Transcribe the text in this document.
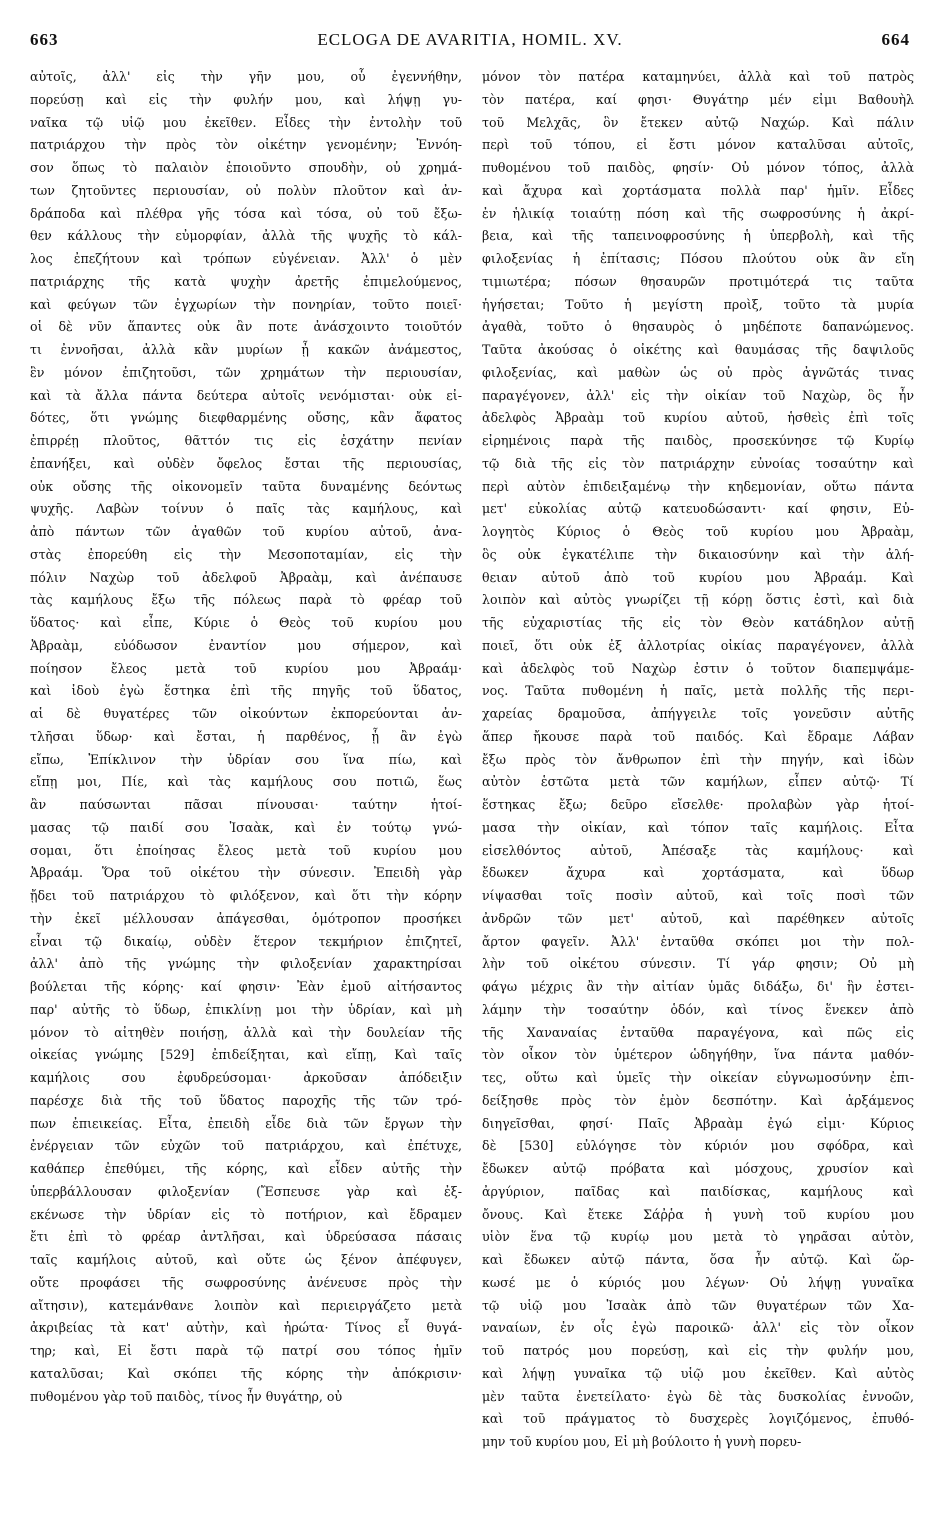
ECLOGA DE AVARITIA, HOMIL. XV.
663	664
αὐτοῖς, ἀλλ' εἰς τὴν γῆν μου, οὗ ἐγεννήθην,
πορεύσῃ καὶ εἰς τὴν φυλήν μου, καὶ λήψῃ γυ-
ναῖκα τῷ υἱῷ μου ἐκεῖθεν. Εἶδες τὴν ἐντολὴν τοῦ
πατριάρχου τὴν πρὸς τὸν οἰκέτην γενομένην; Ἐννόη-
σον ὅπως τὸ παλαιὸν ἐποιοῦντο σπουδὴν, οὐ χρημά-
των ζητοῦντες περιουσίαν, οὐ πολὺν πλοῦτον καὶ ἀν-
δράποδα καὶ πλέθρα γῆς τόσα καὶ τόσα, οὐ τοῦ ἔξω-
θεν κάλλους τὴν εὐμορφίαν, ἀλλὰ τῆς ψυχῆς τὸ κάλ-
λος ἐπεζήτουν καὶ τρόπων εὐγένειαν. Ἀλλ' ὁ μὲν
πατριάρχης τῆς κατὰ ψυχὴν ἀρετῆς ἐπιμελούμενος,
καὶ φεύγων τῶν ἐγχωρίων τὴν πονηρίαν, τοῦτο ποιεῖ·
οἱ δὲ νῦν ἅπαντες οὐκ ἂν ποτε ἀνάσχοιντο τοιοῦτόν
τι ἐννοῆσαι, ἀλλὰ κἂν μυρίων ᾖ κακῶν ἀνάμεστος,
ἓν μόνον ἐπιζητοῦσι, τῶν χρημάτων τὴν περιουσίαν,
καὶ τὰ ἄλλα πάντα δεύτερα αὐτοῖς νενόμισται· οὐκ εἰ-
δότες, ὅτι γνώμης διεφθαρμένης οὔσης, κἂν ἄφατος
ἐπιρρέῃ πλοῦτος, θᾶττόν τις εἰς ἐσχάτην πενίαν
ἐπανήξει, καὶ οὐδὲν ὄφελος ἔσται τῆς περιουσίας,
οὐκ οὔσης τῆς οἰκονομεῖν ταῦτα δυναμένης δεόντως
ψυχῆς. Λαβὼν τοίνυν ὁ παῖς τὰς καμήλους, καὶ
ἀπὸ πάντων τῶν ἀγαθῶν τοῦ κυρίου αὐτοῦ, ἀνα-
στὰς ἐπορεύθη εἰς τὴν Μεσοποταμίαν, εἰς τὴν
πόλιν Ναχὼρ τοῦ ἀδελφοῦ Ἀβραὰμ, καὶ ἀνέπαυσε
τὰς καμήλους ἔξω τῆς πόλεως παρὰ τὸ φρέαρ τοῦ
ὕδατος· καὶ εἶπε, Κύριε ὁ Θεὸς τοῦ κυρίου μου
Ἀβραὰμ, εὐόδωσον ἐναντίον μου σήμερον, καὶ
ποίησον ἔλεος μετὰ τοῦ κυρίου μου Ἀβραάμ·
καὶ ἰδοὺ ἐγὼ ἕστηκα ἐπὶ τῆς πηγῆς τοῦ ὕδατος,
αἱ δὲ θυγατέρες τῶν οἰκούντων ἐκπορεύονται ἀν-
τλῆσαι ὕδωρ· καὶ ἔσται, ἡ παρθένος, ᾗ ἂν ἐγὼ
εἴπω, Ἐπίκλινον τὴν ὑδρίαν σου ἵνα πίω, καὶ
εἴπῃ μοι, Πίε, καὶ τὰς καμήλους σου ποτιῶ, ἕως
ἂν παύσωνται πᾶσαι πίνουσαι· ταύτην ἡτοί-
μασας τῷ παιδί σου Ἰσαὰκ, καὶ ἐν τούτῳ γνώ-
σομαι, ὅτι ἐποίησας ἔλεος μετὰ τοῦ κυρίου μου
Ἀβραάμ. Ὅρα τοῦ οἰκέτου τὴν σύνεσιν. Ἐπειδὴ γὰρ
ᾔδει τοῦ πατριάρχου τὸ φιλόξενον, καὶ ὅτι τὴν κόρην
τὴν ἐκεῖ μέλλουσαν ἀπάγεσθαι, ὁμότροπον προσήκει
εἶναι τῷ δικαίῳ, οὐδὲν ἕτερον τεκμήριον ἐπιζητεῖ,
ἀλλ' ἀπὸ τῆς γνώμης τὴν φιλοξενίαν χαρακτηρίσαι
βούλεται τῆς κόρης· καί φησιν· Ἐὰν ἐμοῦ αἰτήσαντος
παρ' αὐτῆς τὸ ὕδωρ, ἐπικλίνῃ μοι τὴν ὑδρίαν, καὶ μὴ
μόνον τὸ αἰτηθὲν ποιήσῃ, ἀλλὰ καὶ τὴν δουλείαν τῆς
οἰκείας γνώμης [529] ἐπιδείξηται, καὶ εἴπῃ, Καὶ ταῖς
καμήλοις σου ἐφυδρεύσομαι· ἀρκοῦσαν ἀπόδειξιν
παρέσχε διὰ τῆς τοῦ ὕδατος παροχῆς τῆς τῶν τρό-
πων ἐπιεικείας. Εἶτα, ἐπειδὴ εἶδε διὰ τῶν ἔργων τὴν
ἐνέργειαν τῶν εὐχῶν τοῦ πατριάρχου, καὶ ἐπέτυχε,
καθάπερ ἐπεθύμει, τῆς κόρης, καὶ εἶδεν αὐτῆς τὴν
ὑπερβάλλουσαν φιλοξενίαν (Ἔσπευσε γὰρ καὶ ἐξ-
εκένωσε τὴν ὑδρίαν εἰς τὸ ποτήριον, καὶ ἔδραμεν
ἔτι ἐπὶ τὸ φρέαρ ἀντλῆσαι, καὶ ὑδρεύσασα πάσαις
ταῖς καμήλοις αὐτοῦ, καὶ οὔτε ὡς ξένον ἀπέφυγεν,
οὔτε προφάσει τῆς σωφροσύνης ἀνένευσε πρὸς τὴν
αἴτησιν), κατεμάνθανε λοιπὸν καὶ περιειργάζετο μετὰ
ἀκριβείας τὰ κατ' αὐτὴν, καὶ ἠρώτα· Τίνος εἶ θυγά-
τηρ; καὶ, Εἰ ἔστι παρὰ τῷ πατρί σου τόπος ἡμῖν
καταλῦσαι; Καὶ σκόπει τῆς κόρης τὴν ἀπόκρισιν·
πυθομένου γὰρ τοῦ παιδὸς, τίνος ἦν θυγάτηρ, οὐ
μόνον τὸν πατέρα καταμηνύει, ἀλλὰ καὶ τοῦ πατρὸς
τὸν πατέρα, καί φησι· Θυγάτηρ μέν εἰμι Βαθουὴλ
τοῦ Μελχᾶς, ὃν ἔτεκεν αὐτῷ Ναχώρ. Καὶ πάλιν
περὶ τοῦ τόπου, εἰ ἔστι μόνον καταλῦσαι αὐτοῖς,
πυθομένου τοῦ παιδὸς, φησίν· Οὐ μόνον τόπος, ἀλλὰ
καὶ ἄχυρα καὶ χορτάσματα πολλὰ παρ' ἡμῖν. Εἶδες
ἐν ἡλικίᾳ τοιαύτῃ πόση καὶ τῆς σωφροσύνης ἡ ἀκρί-
βεια, καὶ τῆς ταπεινοφροσύνης ἡ ὑπερβολὴ, καὶ τῆς
φιλοξενίας ἡ ἐπίτασις; Πόσου πλούτου οὐκ ἂν εἴη
τιμιωτέρα; πόσων θησαυρῶν προτιμότερά τις ταῦτα
ἡγήσεται; Τοῦτο ἡ μεγίστη προὶξ, τοῦτο τὰ μυρία
ἀγαθὰ, τοῦτο ὁ θησαυρὸς ὁ μηδέποτε δαπανώμενος.
Ταῦτα ἀκούσας ὁ οἰκέτης καὶ θαυμάσας τῆς δαψιλοῦς
φιλοξενίας, καὶ μαθὼν ὡς οὐ πρὸς ἀγνῶτάς τινας
παραγέγονεν, ἀλλ' εἰς τὴν οἰκίαν τοῦ Ναχὼρ, ὃς ἦν
ἀδελφὸς Ἀβραὰμ τοῦ κυρίου αὐτοῦ, ἡσθεὶς ἐπὶ τοῖς
εἰρημένοις παρὰ τῆς παιδὸς, προσεκύνησε τῷ Κυρίῳ
τῷ διὰ τῆς εἰς τὸν πατριάρχην εὐνοίας τοσαύτην καὶ
περὶ αὐτὸν ἐπιδειξαμένῳ τὴν κηδεμονίαν, οὕτω πάντα
μετ' εὐκολίας αὐτῷ κατευοδώσαντι· καί φησιν, Εὐ-
λογητὸς Κύριος ὁ Θεὸς τοῦ κυρίου μου Ἀβραὰμ,
ὃς οὐκ ἐγκατέλιπε τὴν δικαιοσύνην καὶ τὴν ἀλή-
θειαν αὐτοῦ ἀπὸ τοῦ κυρίου μου Ἀβραάμ. Καὶ
λοιπὸν καὶ αὐτὸς γνωρίζει τῇ κόρῃ ὅστις ἐστὶ, καὶ διὰ
τῆς εὐχαριστίας τῆς εἰς τὸν Θεὸν κατάδηλον αὐτῇ
ποιεῖ, ὅτι οὐκ ἐξ ἀλλοτρίας οἰκίας παραγέγονεν, ἀλλὰ
καὶ ἀδελφὸς τοῦ Ναχὼρ ἐστιν ὁ τοῦτον διαπεμψάμε-
νος. Ταῦτα πυθομένη ἡ παῖς, μετὰ πολλῆς τῆς περι-
χαρείας δραμοῦσα, ἀπήγγειλε τοῖς γονεῦσιν αὐτῆς
ἅπερ ἤκουσε παρὰ τοῦ παιδός. Καὶ ἔδραμε Λάβαν
ἔξω πρὸς τὸν ἄνθρωπον ἐπὶ τὴν πηγήν, καὶ ἰδὼν
αὐτὸν ἑστῶτα μετὰ τῶν καμήλων, εἶπεν αὐτῷ· Τί
ἕστηκας ἔξω; δεῦρο εἴσελθε· προλαβὼν γὰρ ἡτοί-
μασα τὴν οἰκίαν, καὶ τόπον ταῖς καμήλοις. Εἶτα
εἰσελθόντος αὐτοῦ, Ἀπέσαξε τὰς καμήλους· καὶ
ἔδωκεν ἄχυρα καὶ χορτάσματα, καὶ ὕδωρ
νίψασθαι τοῖς ποσὶν αὐτοῦ, καὶ τοῖς ποσὶ τῶν
ἀνδρῶν τῶν μετ' αὐτοῦ, καὶ παρέθηκεν αὐτοῖς
ἄρτον φαγεῖν. Ἀλλ' ἐνταῦθα σκόπει μοι τὴν πολ-
λὴν τοῦ οἰκέτου σύνεσιν. Τί γάρ φησιν; Οὐ μὴ
φάγω μέχρις ἂν τὴν αἰτίαν ὑμᾶς διδάξω, δι' ἣν ἐστει-
λάμην τὴν τοσαύτην ὁδόν, καὶ τίνος ἕνεκεν ἀπὸ
τῆς Χαναναίας ἐνταῦθα παραγέγονα, καὶ πῶς εἰς
τὸν οἶκον τὸν ὑμέτερον ὡδηγήθην, ἵνα πάντα μαθόν-
τες, οὕτω καὶ ὑμεῖς τὴν οἰκείαν εὐγνωμοσύνην ἐπι-
δείξησθε πρὸς τὸν ἐμὸν δεσπότην. Καὶ ἀρξάμενος
διηγεῖσθαι, φησί· Παῖς Ἀβραὰμ ἐγώ εἰμι· Κύριος
δὲ [530] εὐλόγησε τὸν κύριόν μου σφόδρα, καὶ
ἔδωκεν αὐτῷ πρόβατα καὶ μόσχους, χρυσίον καὶ
ἀργύριον, παῖδας καὶ παιδίσκας, καμήλους καὶ
ὄνους. Καὶ ἔτεκε Σάῤῥα ἡ γυνὴ τοῦ κυρίου μου
υἱὸν ἕνα τῷ κυρίῳ μου μετὰ τὸ γηρᾶσαι αὐτὸν,
καὶ ἔδωκεν αὐτῷ πάντα, ὅσα ἦν αὐτῷ. Καὶ ὥρ-
κωσέ με ὁ κύριός μου λέγων· Οὐ λήψῃ γυναῖκα
τῷ υἱῷ μου Ἰσαὰκ ἀπὸ τῶν θυγατέρων τῶν Χα-
ναναίων, ἐν οἷς ἐγὼ παροικῶ· ἀλλ' εἰς τὸν οἶκον
τοῦ πατρός μου πορεύσῃ, καὶ εἰς τὴν φυλήν μου,
καὶ λήψῃ γυναῖκα τῷ υἱῷ μου ἐκεῖθεν. Καὶ αὐτὸς
μὲν ταῦτα ἐνετείλατο· ἐγὼ δὲ τὰς δυσκολίας ἐννοῶν,
καὶ τοῦ πράγματος τὸ δυσχερὲς λογιζόμενος, ἐπυθό-
μην τοῦ κυρίου μου, Εἰ μὴ βούλοιτο ἡ γυνὴ πορευ-
